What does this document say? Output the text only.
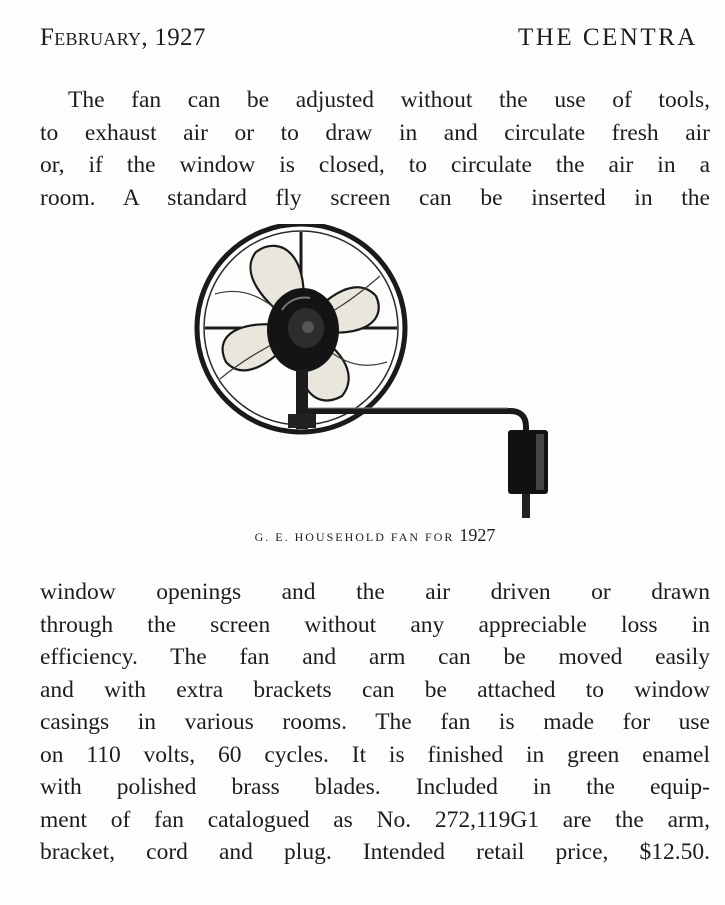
February, 1927	THE CENTRA
The fan can be adjusted without the use of tools,
to exhaust air or to draw in and circulate fresh air
or, if the window is closed, to circulate the air in a
room. A standard fly screen can be inserted in the
G. E. HOUSEHOLD FAN FOR 1927
window openings and the air driven or drawn
through the screen without any appreciable loss in
efficiency. The fan and arm can be moved easily
and with extra brackets can be attached to window
casings in various rooms. The fan is made for use
on 110 volts, 60 cycles. It is finished in green enamel
with polished brass blades. Included in the equip-
ment of fan catalogued as No. 272,119G1 are the arm,
bracket, cord and plug. Intended retail price, $12.50.
